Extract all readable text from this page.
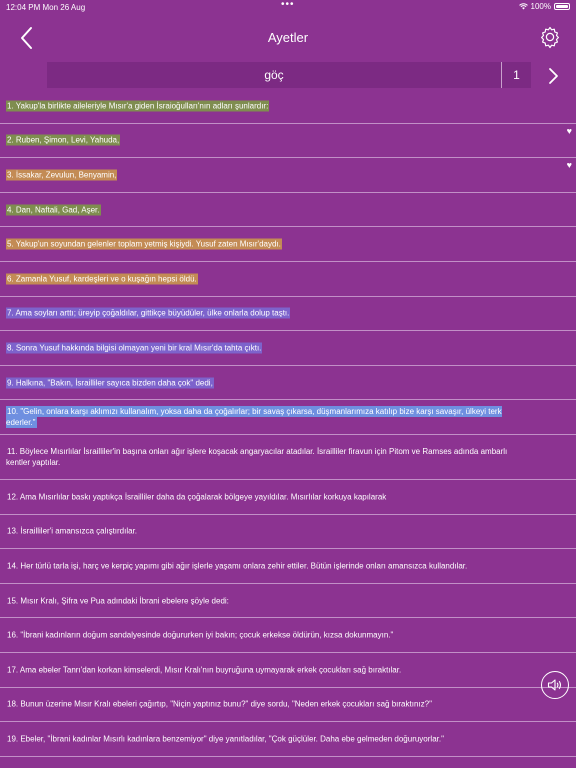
12:04 PM Mon 26 Aug	•••	100%
Ayetler
göç
1
1. Yakup'la birlikte aileleriyle Mısır'a giden İsraioğulları'nın adları şunlardır:
2. Ruben, Şimon, Levi, Yahuda,
♥
3. İssakar, Zevulun, Benyamin,
♥
4. Dan, Naftali, Gad, Aşer.
5. Yakup'un soyundan gelenler toplam yetmiş kişiydi. Yusuf zaten Mısır'daydı.
6. Zamanla Yusuf, kardeşleri ve o kuşağın hepsi öldü.
7. Ama soyları arttı; üreyip çoğaldılar, gittikçe büyüdüler, ülke onlarla dolup taştı.
8. Sonra Yusuf hakkında bilgisi olmayan yeni bir kral Mısır'da tahta çıktı.
9. Halkına, "Bakın, İsrailliler sayıca bizden daha çok" dedi,
10. "Gelin, onlara karşı aklımızı kullanalım, yoksa daha da çoğalırlar; bir savaş çıkarsa, düşmanlarımıza katılıp bize karşı savaşır, ülkeyi terk ederler."
11. Böylece Mısırlılar İsrailliler'in başına onları ağır işlere koşacak angaryacılar atadılar. İsrailliler firavun için Pitom ve Ramses adında ambarlı kentler yaptılar.
12. Ama Mısırlılar baskı yaptıkça İsrailliler daha da çoğalarak bölgeye yayıldılar. Mısırlılar korkuya kapılarak
13. İsrailliler'i amansızca çalıştırdılar.
14. Her türlü tarla işi, harç ve kerpiç yapımı gibi ağır işlerle yaşamı onlara zehir ettiler. Bütün işlerinde onları amansızca kullandılar.
15. Mısır Kralı, Şifra ve Pua adındaki İbrani ebelere şöyle dedi:
16. "İbrani kadınların doğum sandalyesinde doğururken iyi bakın; çocuk erkekse öldürün, kızsa dokunmayın."
17. Ama ebeler Tanrı'dan korkan kimselerdi, Mısır Kralı'nın buyruğuna uymayarak erkek çocukları sağ bıraktılar.
18. Bunun üzerine Mısır Kralı ebeleri çağırtıp, "Niçin yaptınız bunu?" diye sordu, "Neden erkek çocukları sağ bıraktınız?"
19. Ebeler, "İbrani kadınlar Mısırlı kadınlara benzemiyor" diye yanıtladılar, "Çok güçlüler. Daha ebe gelmeden doğuruyorlar."
